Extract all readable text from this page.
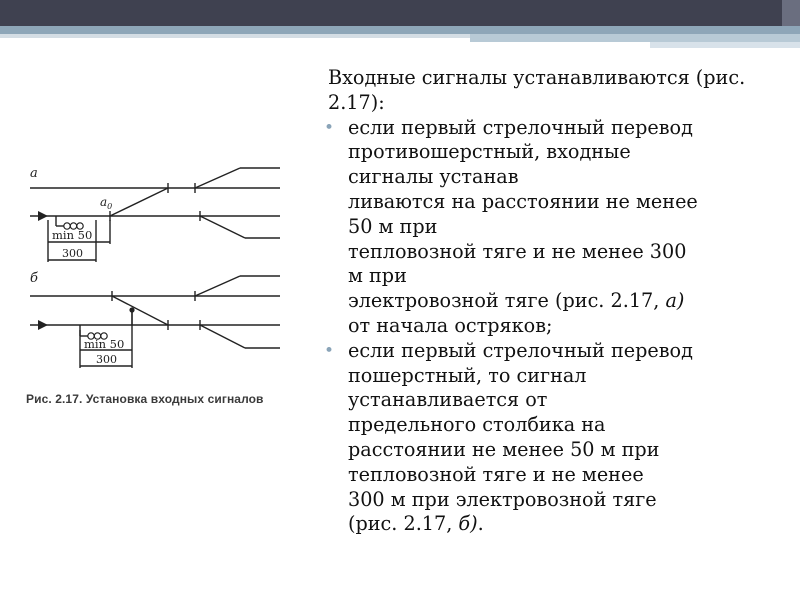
а
$a_0$
min 50
300
б
min 50
300
Рис. 2.17. Установка входных сигналов

Входные сигналы устанавливаются (рис. 2.17):

• если первый стрелочный перевод

противошерстный, входные

сигналы устанав

ливаются на расстоянии не менее

50 м при

тепловозной тяге и не менее 300

м при

электровозной тяге (рис. 2.17, а)

от начала остряков;

• если первый стрелочный перевод

пошерстный, то сигнал

устанавливается от

предельного столбика на

расстоянии не менее 50 м при

тепловозной тяге и не менее

300 м при электровозной тяге

(рис. 2.17, б).
